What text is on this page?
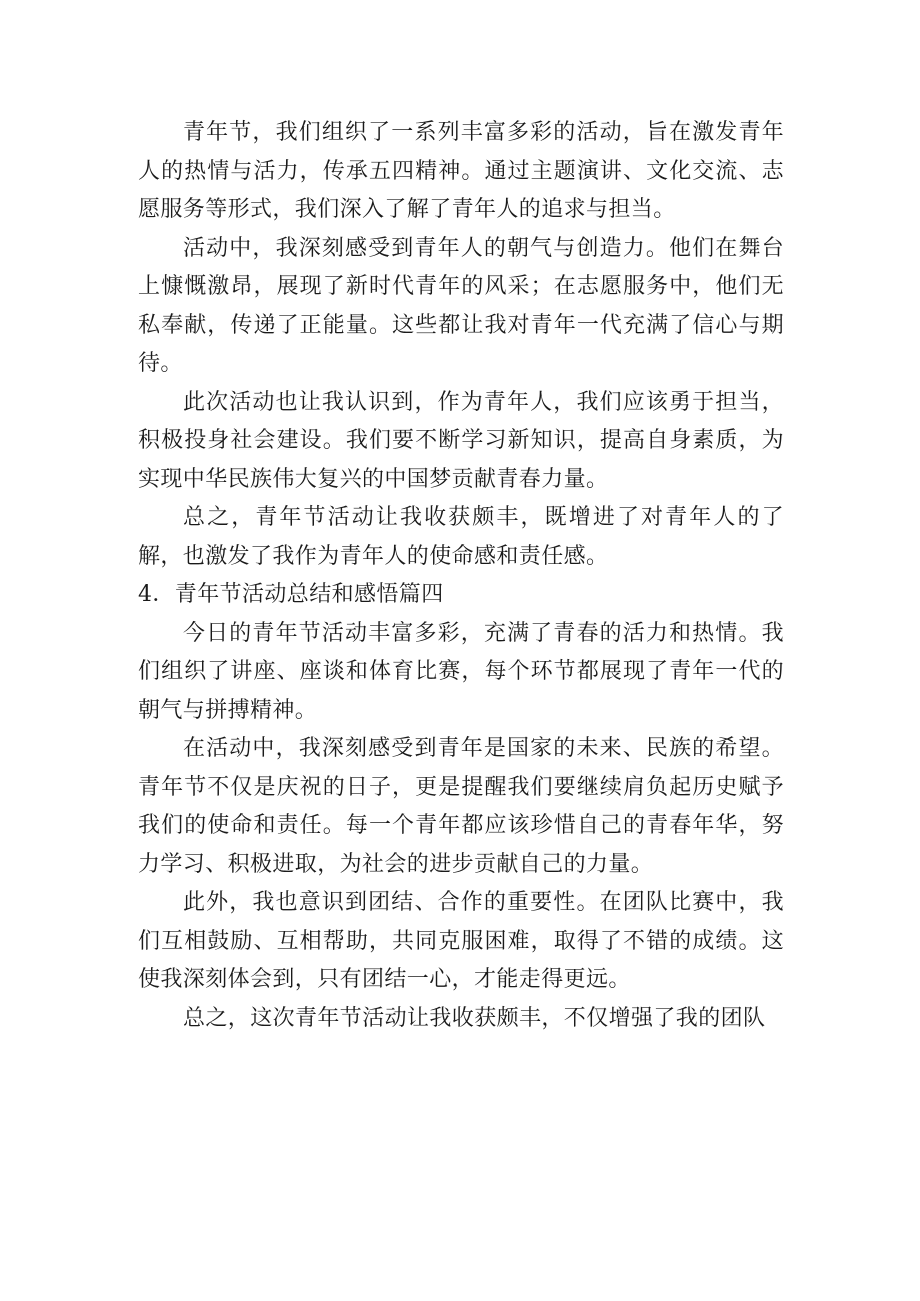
青年节，我们组织了一系列丰富多彩的活动，旨在激发青年人的热情与活力，传承五四精神。通过主题演讲、文化交流、志愿服务等形式，我们深入了解了青年人的追求与担当。

活动中，我深刻感受到青年人的朝气与创造力。他们在舞台上慷慨激昂，展现了新时代青年的风采；在志愿服务中，他们无私奉献，传递了正能量。这些都让我对青年一代充满了信心与期待。

此次活动也让我认识到，作为青年人，我们应该勇于担当，积极投身社会建设。我们要不断学习新知识，提高自身素质，为实现中华民族伟大复兴的中国梦贡献青春力量。

总之，青年节活动让我收获颇丰，既增进了对青年人的了解，也激发了我作为青年人的使命感和责任感。

4．青年节活动总结和感悟篇四

今日的青年节活动丰富多彩，充满了青春的活力和热情。我们组织了讲座、座谈和体育比赛，每个环节都展现了青年一代的朝气与拼搏精神。

在活动中，我深刻感受到青年是国家的未来、民族的希望。青年节不仅是庆祝的日子，更是提醒我们要继续肩负起历史赋予我们的使命和责任。每一个青年都应该珍惜自己的青春年华，努力学习、积极进取，为社会的进步贡献自己的力量。

此外，我也意识到团结、合作的重要性。在团队比赛中，我们互相鼓励、互相帮助，共同克服困难，取得了不错的成绩。这使我深刻体会到，只有团结一心，才能走得更远。

总之，这次青年节活动让我收获颇丰，不仅增强了我的团队
